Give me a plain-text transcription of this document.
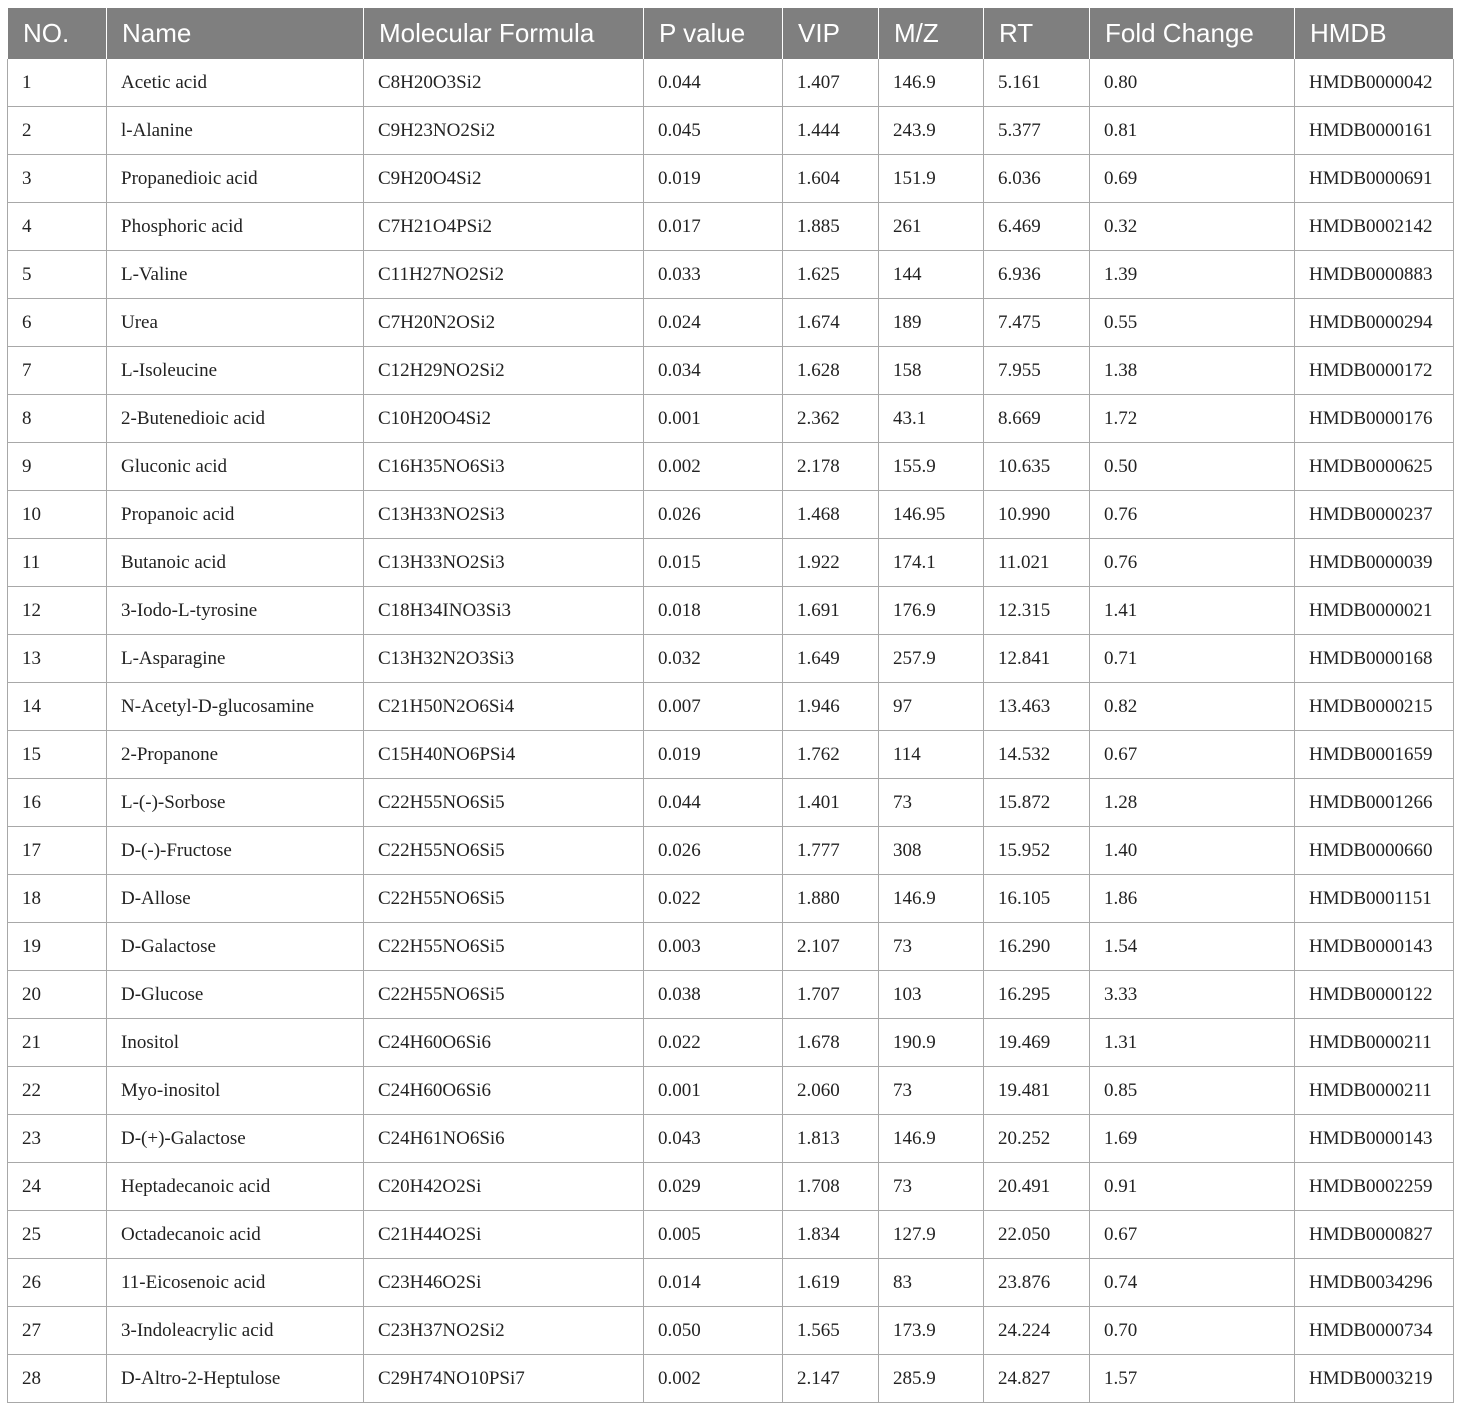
NO.	Name	Molecular Formula	P value	VIP	M/Z	RT	Fold Change	HMDB
1	Acetic acid	C8H20O3Si2	0.044	1.407	146.9	5.161	0.80	HMDB0000042
2	l-Alanine	C9H23NO2Si2	0.045	1.444	243.9	5.377	0.81	HMDB0000161
3	Propanedioic acid	C9H20O4Si2	0.019	1.604	151.9	6.036	0.69	HMDB0000691
4	Phosphoric acid	C7H21O4PSi2	0.017	1.885	261	6.469	0.32	HMDB0002142
5	L-Valine	C11H27NO2Si2	0.033	1.625	144	6.936	1.39	HMDB0000883
6	Urea	C7H20N2OSi2	0.024	1.674	189	7.475	0.55	HMDB0000294
7	L-Isoleucine	C12H29NO2Si2	0.034	1.628	158	7.955	1.38	HMDB0000172
8	2-Butenedioic acid	C10H20O4Si2	0.001	2.362	43.1	8.669	1.72	HMDB0000176
9	Gluconic acid	C16H35NO6Si3	0.002	2.178	155.9	10.635	0.50	HMDB0000625
10	Propanoic acid	C13H33NO2Si3	0.026	1.468	146.95	10.990	0.76	HMDB0000237
11	Butanoic acid	C13H33NO2Si3	0.015	1.922	174.1	11.021	0.76	HMDB0000039
12	3-Iodo-L-tyrosine	C18H34INO3Si3	0.018	1.691	176.9	12.315	1.41	HMDB0000021
13	L-Asparagine	C13H32N2O3Si3	0.032	1.649	257.9	12.841	0.71	HMDB0000168
14	N-Acetyl-D-glucosamine	C21H50N2O6Si4	0.007	1.946	97	13.463	0.82	HMDB0000215
15	2-Propanone	C15H40NO6PSi4	0.019	1.762	114	14.532	0.67	HMDB0001659
16	L-(-)-Sorbose	C22H55NO6Si5	0.044	1.401	73	15.872	1.28	HMDB0001266
17	D-(-)-Fructose	C22H55NO6Si5	0.026	1.777	308	15.952	1.40	HMDB0000660
18	D-Allose	C22H55NO6Si5	0.022	1.880	146.9	16.105	1.86	HMDB0001151
19	D-Galactose	C22H55NO6Si5	0.003	2.107	73	16.290	1.54	HMDB0000143
20	D-Glucose	C22H55NO6Si5	0.038	1.707	103	16.295	3.33	HMDB0000122
21	Inositol	C24H60O6Si6	0.022	1.678	190.9	19.469	1.31	HMDB0000211
22	Myo-inositol	C24H60O6Si6	0.001	2.060	73	19.481	0.85	HMDB0000211
23	D-(+)-Galactose	C24H61NO6Si6	0.043	1.813	146.9	20.252	1.69	HMDB0000143
24	Heptadecanoic acid	C20H42O2Si	0.029	1.708	73	20.491	0.91	HMDB0002259
25	Octadecanoic acid	C21H44O2Si	0.005	1.834	127.9	22.050	0.67	HMDB0000827
26	11-Eicosenoic acid	C23H46O2Si	0.014	1.619	83	23.876	0.74	HMDB0034296
27	3-Indoleacrylic acid	C23H37NO2Si2	0.050	1.565	173.9	24.224	0.70	HMDB0000734
28	D-Altro-2-Heptulose	C29H74NO10PSi7	0.002	2.147	285.9	24.827	1.57	HMDB0003219
